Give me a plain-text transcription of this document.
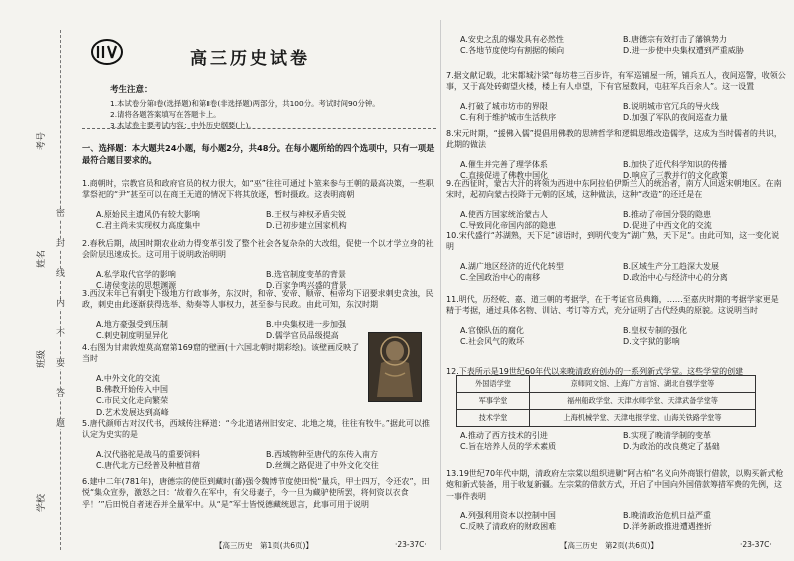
考号
姓名
班级
学校
密
封
线
内
不
要
答
题
高三历史试卷
考生注意：
1.本试卷分第Ⅰ卷(选择题)和第Ⅱ卷(非选择题)两部分，共100分。考试时间90分钟。
2.请将各题答案填写在答题卡上。
3.本试卷主要考试内容：中外历史纲要(上)。
一、选择题：本大题共24小题，每小题2分，共48分。在每小题所给的四个选项中，只有一项是最符合题目要求的。

1.商朝时，宗教官员和政府官员的权力很大，如“巫”往往可通过卜筮来参与王朝的最高决策，一些职掌祭祀的“尹”甚至可以在商王无道的情况下将其放逐，暂时摄政。这表明商朝

A.原始民主遗风仍有较大影响	B.王权与神权矛盾尖锐
C.君主尚未实现权力高度集中	D.已初步建立国家机构

2.春秋后期，战国时期农业动力得变革引发了整个社会各复杂杂的大改组，促使一个以才学立身的社会阶层迅速成长。这可用于说明政治明明

A.私学取代官学的影响	B.选官制度变革的背景
C.诸侯变法的思想渊源	D.百家争鸣兴盛的背景

3.西汉末年已有刺史下级地方行政事务，东汉时，和帝、安帝、顺帝、桓帝均下诏要求刺史贪浊，民政，刺史由此逐渐获得选举、劾奏等人事权力，甚至参与民政。由此可知，东汉时期

A.地方豪强受到压制	B.中央集权进一步加强
C.刺史制度明显异化	D.儒学官员品级提高

4.右图为甘肃敦煌莫高窟第169窟的壁画(十六国北朝时期彩绘)。该壁画反映了当时

A.中外文化的交流
B.佛教开始传入中国
C.市民文化走向繁荣
D.艺术发展达到高峰

5.唐代颜师古对汉代书，西域传注释道：“今北道诸州旧安定、北地之境，往往有牧牛。”据此可以推认定为史实的是

A.汉代骆驼是战马的重要饲料	B.西域物种至唐代的东传入南方
C.唐代北方已经普及种植苜蓿	D.丝绸之路促进了中外文化交往

6.建中二年(781年)，唐德宗的使臣到藏时(蕃)强令魏博节度使田悦“量兵，甲士四万，令还农”，田悦“集众宣券，激怒之曰：‘故着久在军中，有父母妻子，今一旦为藏驴使所罢，将何资以衣食乎！’”后田悦自者迷吞并全量军中。从“是”军士皆悦德藏统恩言，此事可用于说明

A.安史之乱的爆发具有必然性	B.唐德宗有效打击了藩镇势力
C.各地节度使均有割据的倾向	D.进一步使中央集权遭到严重威胁

7.据文献记载，北宋都城汴梁“每坊巷三百步许，有军巡铺屋一所，铺兵五人，夜间巡警，收领公事，又于高处砖砌望火楼，楼上有人卓望，下有官屋数间，屯驻军兵百余人”。这一设置

A.打破了城市坊市的界限	B.说明城市官冗兵的导火线
C.有利于维护城市生活秩序	D.加强了军队的夜间巡查力量

8.宋元时期，“援佛入儒”提倡用佛教的思辨哲学和逻辑思维改造儒学，这成为当时儒者的共识，此期的做法

A.催生并完善了理学体系	B.加快了近代科学知识的传播
C.直接促进了佛教中国化	D.响应了三教并行的文化政策

9.在西征时，蒙古大汗的将领为西进中东阿拉伯伊斯兰人的统治者，南方人回返宋朝地区。在南宋时，起初向蒙古投降于元朝的区域，这种做法，这种“改造”的还迁是在

A.使西方国家统治蒙古人	B.推动了帝国分裂的隐患
C.导致同化帝国内部的隐患	D.促进了中西文化的交流

10.宋代盛行“苏湖熟，天下足”谚语时，到明代变为“湖广熟，天下足”。由此可知，这一变化说明

A.湖广地区经济的近代化转型	B.区域生产分工趋深大发展
C.全国政治中心的南移	D.政治中心与经济中心的分离

11.明代，历经乾、嘉、道三朝的考据学，在于考证官员典籍，……至嘉庆时期的考据学家更是精于考据，通过具体名物、训诂、考订等方式，充分证明了古代经典的原貌。这说明当时

A.官僚队伍的腐化	B.皇权专制的强化
C.社会风气的败坏	D.文字狱的影响

12.下表所示是19世纪60年代以来晚清政府创办的一系列新式学堂。这些学堂的创建

外国语学堂	京师同文馆、上海广方言馆、湖北自强学堂等
军事学堂	福州船政学堂、天津水师学堂、天津武备学堂等
技术学堂	上海机械学堂、天津电报学堂、山海关铁路学堂等
A.推动了西方技术的引进	B.实现了晚清学制的变革
C.旨在培养人员的学术素质	D.为政治的改良奠定了基础

13.19世纪70年代中期，清政府左宗棠以组织进剿“阿古柏”名义向外商银行借款，以购买新式枪炮和新式装备，用于收复新疆。左宗棠的借款方式，开启了中国向外国借款筹措军费的先例，这一事件表明

A.列强利用资本以控制中国	B.晚清政治危机日益严重
C.反映了清政府的财政困难	D.洋务新政推进遭遇挫折
【高三历史　第1页(共6页)】	·23-37C·	【高三历史　第2页(共6页)】	·23-37C·
